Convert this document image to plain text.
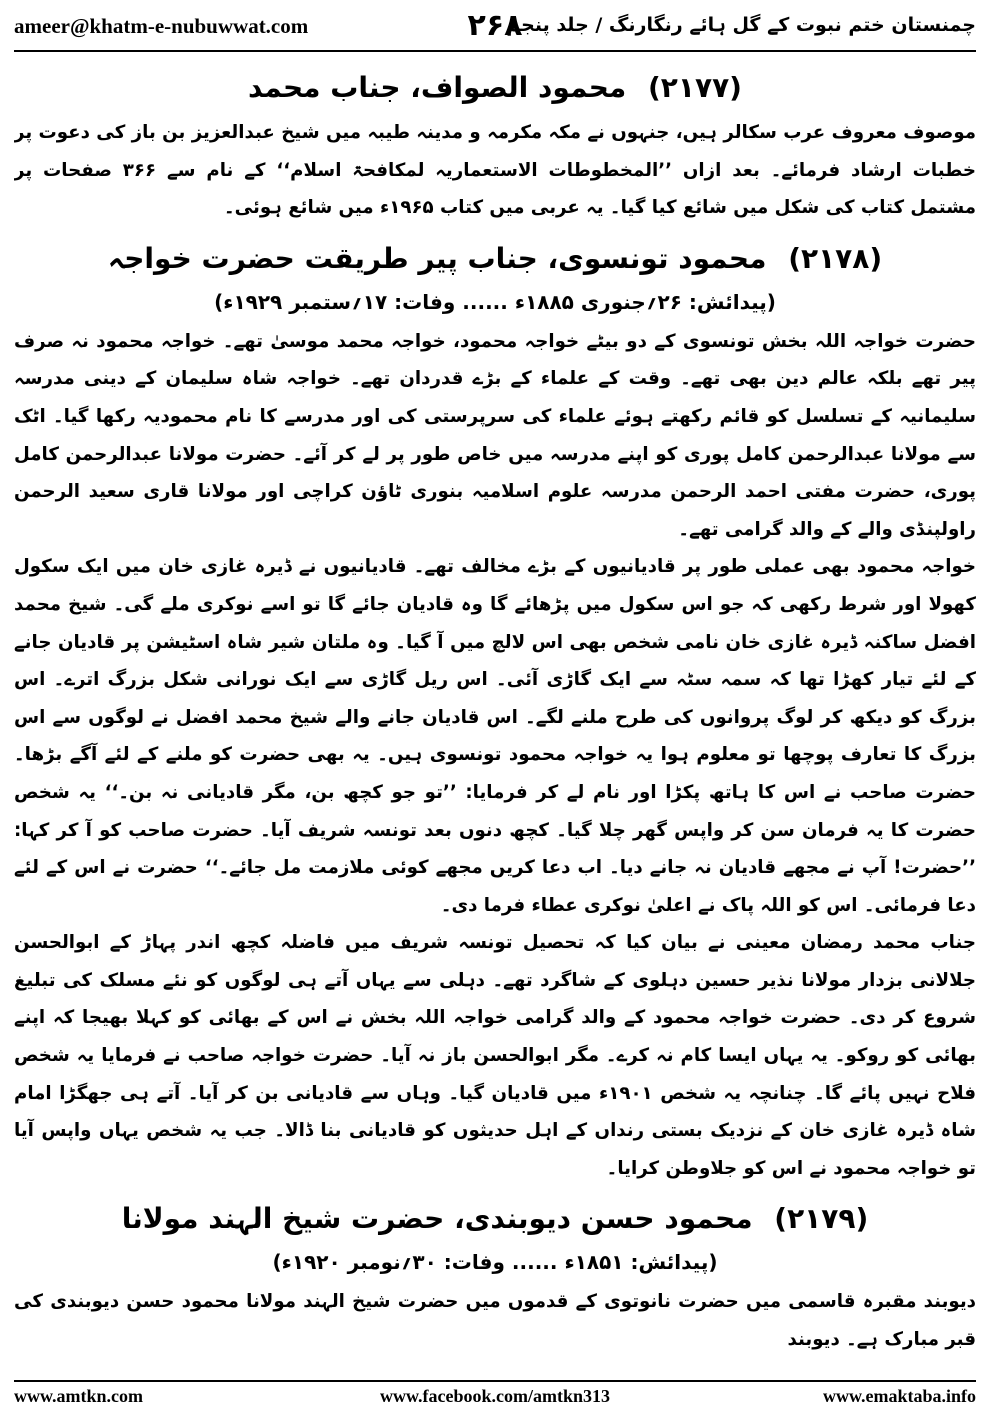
ameer@khatm-e-nubuwwat.com	۲۶۸
چمنستان ختم نبوت کے گل ہائے رنگارنگ / جلد پنجم
(۲۱۷۷) محمود الصواف، جناب محمد

موصوف معروف عرب سکالر ہیں، جنہوں نے مکہ مکرمہ و مدینہ طیبہ میں شیخ عبدالعزیز بن باز کی دعوت پر خطبات ارشاد فرمائے۔ بعد ازاں ’’المخطوطات الاستعماریہ لمکافحۃ اسلام‘‘ کے نام سے ۳۶۶ صفحات پر مشتمل کتاب کی شکل میں شائع کیا گیا۔ یہ عربی میں کتاب ۱۹۶۵ء میں شائع ہوئی۔

(۲۱۷۸) محمود تونسوی، جناب پیر طریقت حضرت خواجہ
(پیدائش: ۲۶؍جنوری ۱۸۸۵ء ...... وفات: ۱۷؍ستمبر ۱۹۲۹ء)

حضرت خواجہ اللہ بخش تونسوی کے دو بیٹے خواجہ محمود، خواجہ محمد موسیٰ تھے۔ خواجہ محمود نہ صرف پیر تھے بلکہ عالم دین بھی تھے۔ وقت کے علماء کے بڑے قدردان تھے۔ خواجہ شاہ سلیمان کے دینی مدرسہ سلیمانیہ کے تسلسل کو قائم رکھتے ہوئے علماء کی سرپرستی کی اور مدرسے کا نام محمودیہ رکھا گیا۔ اٹک سے مولانا عبدالرحمن کامل پوری کو اپنے مدرسہ میں خاص طور پر لے کر آئے۔ حضرت مولانا عبدالرحمن کامل پوری، حضرت مفتی احمد الرحمن مدرسہ علوم اسلامیہ بنوری ٹاؤن کراچی اور مولانا قاری سعید الرحمن راولپنڈی والے کے والد گرامی تھے۔

خواجہ محمود بھی عملی طور پر قادیانیوں کے بڑے مخالف تھے۔ قادیانیوں نے ڈیرہ غازی خان میں ایک سکول کھولا اور شرط رکھی کہ جو اس سکول میں پڑھائے گا وہ قادیان جائے گا تو اسے نوکری ملے گی۔ شیخ محمد افضل ساکنہ ڈیرہ غازی خان نامی شخص بھی اس لالچ میں آ گیا۔ وہ ملتان شیر شاہ اسٹیشن پر قادیان جانے کے لئے تیار کھڑا تھا کہ سمہ سٹہ سے ایک گاڑی آئی۔ اس ریل گاڑی سے ایک نورانی شکل بزرگ اترے۔ اس بزرگ کو دیکھ کر لوگ پروانوں کی طرح ملنے لگے۔ اس قادیان جانے والے شیخ محمد افضل نے لوگوں سے اس بزرگ کا تعارف پوچھا تو معلوم ہوا یہ خواجہ محمود تونسوی ہیں۔ یہ بھی حضرت کو ملنے کے لئے آگے بڑھا۔ حضرت صاحب نے اس کا ہاتھ پکڑا اور نام لے کر فرمایا: ’’تو جو کچھ بن، مگر قادیانی نہ بن۔‘‘ یہ شخص حضرت کا یہ فرمان سن کر واپس گھر چلا گیا۔ کچھ دنوں بعد تونسہ شریف آیا۔ حضرت صاحب کو آ کر کہا: ’’حضرت! آپ نے مجھے قادیان نہ جانے دیا۔ اب دعا کریں مجھے کوئی ملازمت مل جائے۔‘‘ حضرت نے اس کے لئے دعا فرمائی۔ اس کو اللہ پاک نے اعلیٰ نوکری عطاء فرما دی۔

جناب محمد رمضان معینی نے بیان کیا کہ تحصیل تونسہ شریف میں فاضلہ کچھ اندر پہاڑ کے ابوالحسن جلالانی بزدار مولانا نذیر حسین دہلوی کے شاگرد تھے۔ دہلی سے یہاں آتے ہی لوگوں کو نئے مسلک کی تبلیغ شروع کر دی۔ حضرت خواجہ محمود کے والد گرامی خواجہ اللہ بخش نے اس کے بھائی کو کہلا بھیجا کہ اپنے بھائی کو روکو۔ یہ یہاں ایسا کام نہ کرے۔ مگر ابوالحسن باز نہ آیا۔ حضرت خواجہ صاحب نے فرمایا یہ شخص فلاح نہیں پائے گا۔ چنانچہ یہ شخص ۱۹۰۱ء میں قادیان گیا۔ وہاں سے قادیانی بن کر آیا۔ آتے ہی جھگڑا امام شاہ ڈیرہ غازی خان کے نزدیک بستی رنداں کے اہل حدیثوں کو قادیانی بنا ڈالا۔ جب یہ شخص یہاں واپس آیا تو خواجہ محمود نے اس کو جلاوطن کرایا۔

(۲۱۷۹) محمود حسن دیوبندی، حضرت شیخ الہند مولانا
(پیدائش: ۱۸۵۱ء ...... وفات: ۳۰؍نومبر ۱۹۲۰ء)

دیوبند مقبرہ قاسمی میں حضرت نانوتوی کے قدموں میں حضرت شیخ الہند مولانا محمود حسن دیوبندی کی قبر مبارک ہے۔ دیوبند

www.amtkn.com	www.facebook.com/amtkn313	www.emaktaba.info
